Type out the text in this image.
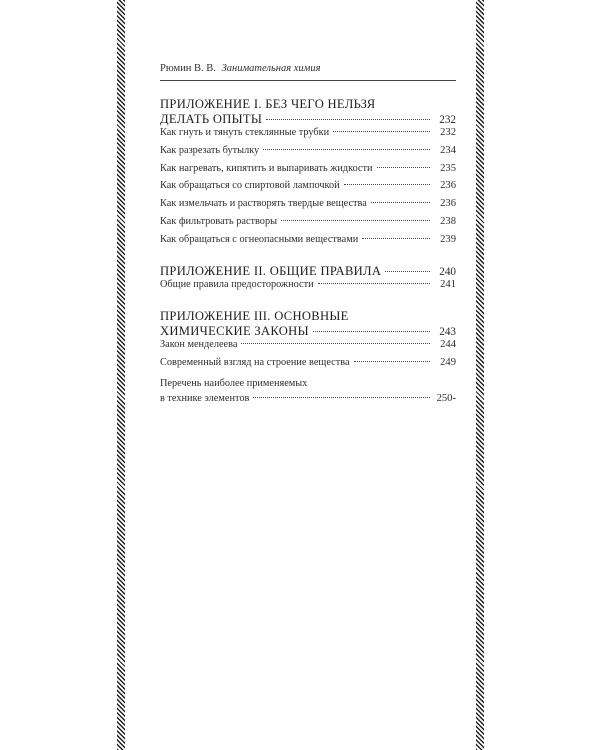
Рюмин В. В. Занимательная химия
ПРИЛОЖЕНИЕ I. БЕЗ ЧЕГО НЕЛЬЗЯ
ДЕЛАТЬ ОПЫТЫ	232
Как гнуть и тянуть стеклянные трубки	232
Как разрезать бутылку	234
Как нагревать, кипятить и выпаривать жидкости	235
Как обращаться со спиртовой лампочкой	236
Как измельчать и растворять твердые вещества	236
Как фильтровать растворы	238
Как обращаться с огнеопасными веществами	239
ПРИЛОЖЕНИЕ II. ОБЩИЕ ПРАВИЛА	240
Общие правила предосторожности	241
ПРИЛОЖЕНИЕ III. ОСНОВНЫЕ
ХИМИЧЕСКИЕ ЗАКОНЫ	243
Закон менделеева	244
Современный взгляд на строение вещества	249
Перечень наиболее применяемых
в технике элементов	250-
